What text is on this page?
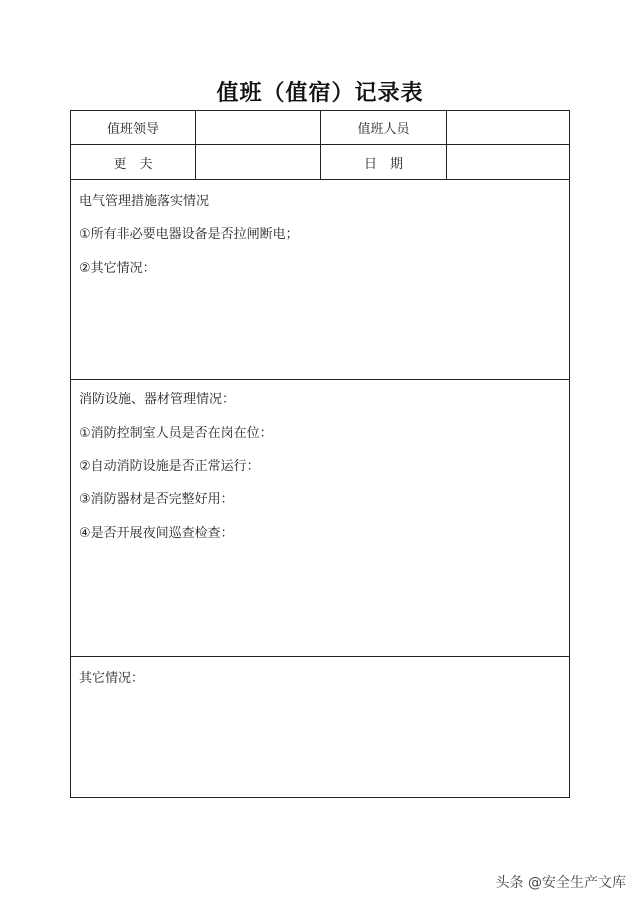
值班（值宿）记录表
值班领导	值班人员
更　夫	日　期
电气管理措施落实情况
①所有非必要电器设备是否拉闸断电；
②其它情况：
消防设施、器材管理情况：
①消防控制室人员是否在岗在位：
②自动消防设施是否正常运行：
③消防器材是否完整好用：
④是否开展夜间巡查检查：
其它情况：
头条 @安全生产文库
